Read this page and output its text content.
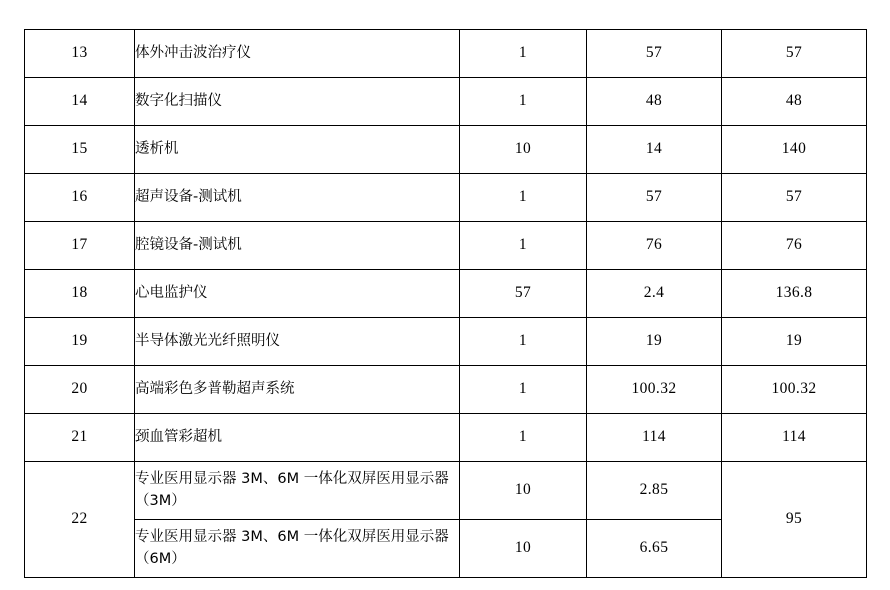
13	体外冲击波治疗仪	1	57	57
14	数字化扫描仪	1	48	48
15	透析机	10	14	140
16	超声设备-测试机	1	57	57
17	腔镜设备-测试机	1	76	76
18	心电监护仪	57	2.4	136.8
19	半导体激光光纤照明仪	1	19	19
20	高端彩色多普勒超声系统	1	100.32	100.32
21	颈血管彩超机	1	114	114
22	专业医用显示器 3M、6M 一体化双屏医用显示器（3M）	10	2.85	95

	专业医用显示器 3M、6M 一体化双屏医用显示器（6M）	10	6.65	
